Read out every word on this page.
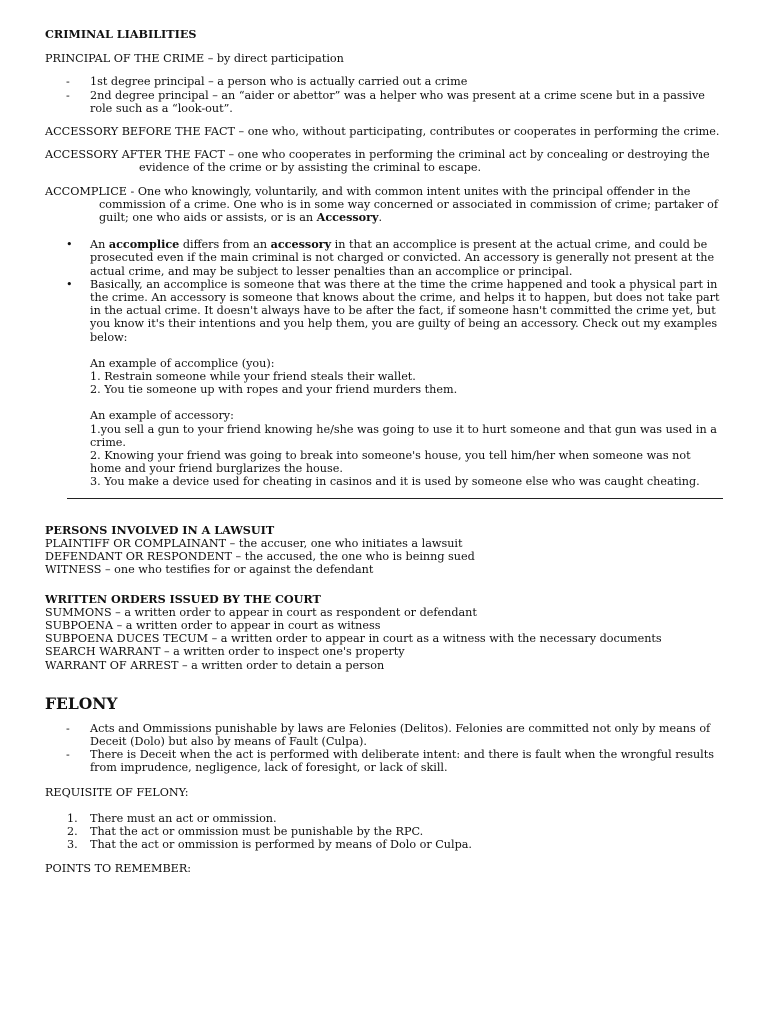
CRIMINAL LIABILITIES

PRINCIPAL OF THE CRIME – by direct participation

- 1st degree principal – a person who is actually carried out a crime
- 2nd degree principal – an “aider or abettor” was a helper who was present at a crime scene but in a passive role such as a “look-out”.

ACCESSORY BEFORE THE FACT – one who, without participating, contributes or cooperates in performing the crime.

ACCESSORY AFTER THE FACT – one who cooperates in performing the criminal act by concealing or destroying the evidence of the crime or by assisting the criminal to escape.

ACCOMPLICE - One who knowingly, voluntarily, and with common intent unites with the principal offender in the commission of a crime. One who is in some way concerned or associated in commission of crime; partaker of guilt; one who aids or assists, or is an Accessory.

• An accomplice differs from an accessory in that an accomplice is present at the actual crime, and could be prosecuted even if the main criminal is not charged or convicted. An accessory is generally not present at the actual crime, and may be subject to lesser penalties than an accomplice or principal.
• Basically, an accomplice is someone that was there at the time the crime happened and took a physical part in the crime. An accessory is someone that knows about the crime, and helps it to happen, but does not take part in the actual crime. It doesn't always have to be after the fact, if someone hasn't committed the crime yet, but you know it's their intentions and you help them, you are guilty of being an accessory. Check out my examples below:
An example of accomplice (you):
1. Restrain someone while your friend steals their wallet.
2. You tie someone up with ropes and your friend murders them.
An example of accessory:
1.you sell a gun to your friend knowing he/she was going to use it to hurt someone and that gun was used in a crime.
2. Knowing your friend was going to break into someone's house, you tell him/her when someone was not home and your friend burglarizes the house.
3. You make a device used for cheating in casinos and it is used by someone else who was caught cheating.
PERSONS INVOLVED IN A LAWSUIT
PLAINTIFF OR COMPLAINANT – the accuser, one who initiates a lawsuit
DEFENDANT OR RESPONDENT – the accused, the one who is beinng sued
WITNESS – one who testifies for or against the defendant
WRITTEN ORDERS ISSUED BY THE COURT
SUMMONS – a written order to appear in court as respondent or defendant
SUBPOENA – a written order to appear in court as witness
SUBPOENA DUCES TECUM – a written order to appear in court as a witness with the necessary documents
SEARCH WARRANT – a written order to inspect one's property
WARRANT OF ARREST – a written order to detain a person

FELONY

- Acts and Ommissions punishable by laws are Felonies (Delitos). Felonies are committed not only by means of Deceit (Dolo) but also by means of Fault (Culpa).
- There is Deceit when the act is performed with deliberate intent: and there is fault when the wrongful results from imprudence, negligence, lack of foresight, or lack of skill.

REQUISITE OF FELONY:

1. There must an act or ommission.
2. That the act or ommission must be punishable by the RPC.
3. That the act or ommission is performed by means of Dolo or Culpa.

POINTS TO REMEMBER:
